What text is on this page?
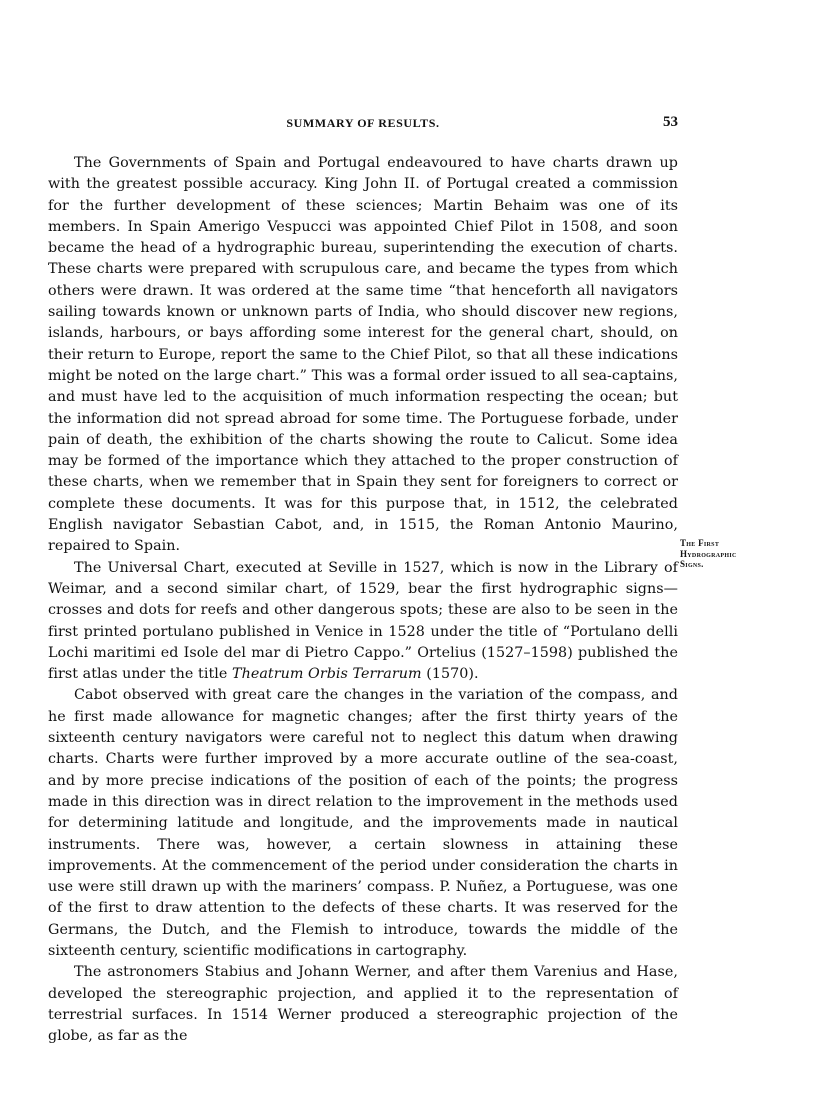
SUMMARY OF RESULTS.	53

The Governments of Spain and Portugal endeavoured to have charts drawn up with the greatest possible accuracy. King John II. of Portugal created a commission for the further development of these sciences; Martin Behaim was one of its members. In Spain Amerigo Vespucci was appointed Chief Pilot in 1508, and soon became the head of a hydrographic bureau, superintending the execution of charts. These charts were prepared with scrupulous care, and became the types from which others were drawn. It was ordered at the same time “that henceforth all navigators sailing towards known or unknown parts of India, who should discover new regions, islands, harbours, or bays affording some interest for the general chart, should, on their return to Europe, report the same to the Chief Pilot, so that all these indications might be noted on the large chart.” This was a formal order issued to all sea-captains, and must have led to the acquisition of much information respecting the ocean; but the information did not spread abroad for some time. The Portuguese forbade, under pain of death, the exhibition of the charts showing the route to Calicut. Some idea may be formed of the importance which they attached to the proper construction of these charts, when we remember that in Spain they sent for foreigners to correct or complete these documents. It was for this purpose that, in 1512, the celebrated English navigator Sebastian Cabot, and, in 1515, the Roman Antonio Maurino, repaired to Spain.

The Universal Chart, executed at Seville in 1527, which is now in the Library of Weimar, and a second similar chart, of 1529, bear the first hydrographic signs—crosses and dots for reefs and other dangerous spots; these are also to be seen in the first printed portulano published in Venice in 1528 under the title of “Portulano delli Lochi maritimi ed Isole del mar di Pietro Cappo.” Ortelius (1527–1598) published the first atlas under the title Theatrum Orbis Terrarum (1570).

Cabot observed with great care the changes in the variation of the compass, and he first made allowance for magnetic changes; after the first thirty years of the sixteenth century navigators were careful not to neglect this datum when drawing charts. Charts were further improved by a more accurate outline of the sea-coast, and by more precise indications of the position of each of the points; the progress made in this direction was in direct relation to the improvement in the methods used for determining latitude and longitude, and the improvements made in nautical instruments. There was, however, a certain slowness in attaining these improvements. At the commencement of the period under consideration the charts in use were still drawn up with the mariners’ compass. P. Nuñez, a Portuguese, was one of the first to draw attention to the defects of these charts. It was reserved for the Germans, the Dutch, and the Flemish to introduce, towards the middle of the sixteenth century, scientific modifications in cartography.

The astronomers Stabius and Johann Werner, and after them Varenius and Hase, developed the stereographic projection, and applied it to the representation of terrestrial surfaces. In 1514 Werner produced a stereographic projection of the globe, as far as the

The First
Hydrographic
Signs.
